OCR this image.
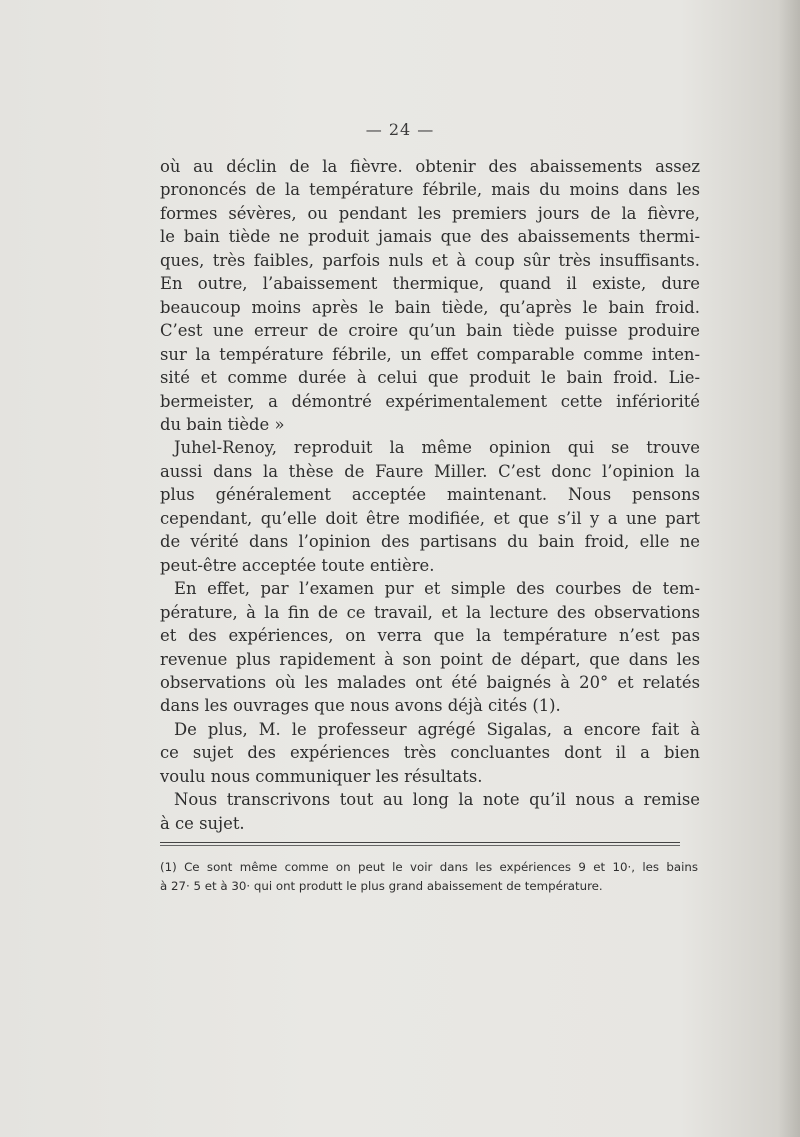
— 24 —
où au déclin de la fièvre. obtenir des abaissements assez
prononcés de la température fébrile, mais du moins dans les
formes sévères, ou pendant les premiers jours de la fièvre,
le bain tiède ne produit jamais que des abaissements thermi-
ques, très faibles, parfois nuls et à coup sûr très insuffisants.
En outre, l’abaissement thermique, quand il existe, dure
beaucoup moins après le bain tiède, qu’après le bain froid.
C’est une erreur de croire qu’un bain tiède puisse produire
sur la température fébrile, un effet comparable comme inten-
sité et comme durée à celui que produit le bain froid. Lie-
bermeister, a démontré expérimentalement cette infériorité
du bain tiède »
Juhel-Renoy, reproduit la même opinion qui se trouve
aussi dans la thèse de Faure Miller. C’est donc l’opinion la
plus généralement acceptée maintenant. Nous pensons
cependant, qu’elle doit être modifiée, et que s’il y a une part
de vérité dans l’opinion des partisans du bain froid, elle ne
peut-être acceptée toute entière.
En effet, par l’examen pur et simple des courbes de tem-
pérature, à la fin de ce travail, et la lecture des observations
et des expériences, on verra que la température n’est pas
revenue plus rapidement à son point de départ, que dans les
observations où les malades ont été baignés à 20° et relatés
dans les ouvrages que nous avons déjà cités (1).
De plus, M. le professeur agrégé Sigalas, a encore fait à
ce sujet des expériences très concluantes dont il a bien
voulu nous communiquer les résultats.
Nous transcrivons tout au long la note qu’il nous a remise
à ce sujet.
(1) Ce sont même comme on peut le voir dans les expériences 9 et 10·, les bains
à 27· 5 et à 30· qui ont produtt le plus grand abaissement de température.
